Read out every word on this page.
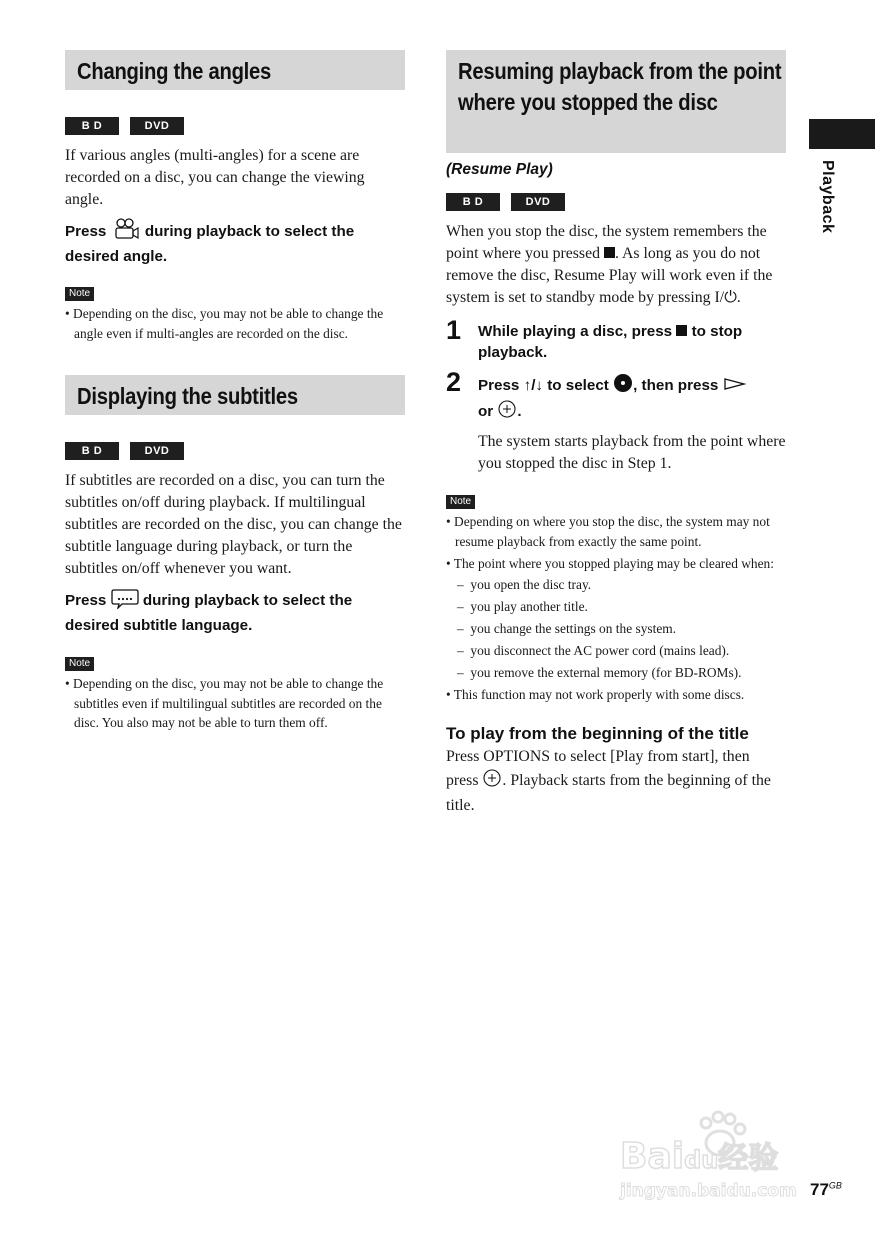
Changing the angles
B D	DVD

If various angles (multi-angles) for a scene are recorded on a disc, you can change the viewing angle.

Press	during playback to select the desired angle.

Note

• Depending on the disc, you may not be able to change the angle even if multi-angles are recorded on the disc.

Displaying the subtitles
B D	DVD

If subtitles are recorded on a disc, you can turn the subtitles on/off during playback. If multilingual subtitles are recorded on the disc, you can change the subtitle language during playback, or turn the subtitles on/off whenever you want.

Press during playback to select the desired subtitle language.

Note

• Depending on the disc, you may not be able to change the subtitles even if multilingual subtitles are recorded on the disc. You also may not be able to turn them off.

Resuming playback from the point where you stopped the disc

(Resume Play)

B D	DVD

When you stop the disc, the system remembers the point where you pressed . As long as you do not remove the disc, Resume Play will work even if the system is set to standby mode by pressing I/⏻.

1 While playing a disc, press to stop playback.

2 Press ↑/↓ to select , then press
or .

The system starts playback from the point where you stopped the disc in Step 1.

Note

• Depending on where you stop the disc, the system may not resume playback from exactly the same point.

• The point where you stopped playing may be cleared when:

–  you open the disc tray.

–  you play another title.

–  you change the settings on the system.

–  you disconnect the AC power cord (mains lead).

–  you remove the external memory (for BD-ROMs).

• This function may not work properly with some discs.

To play from the beginning of the title

Press OPTIONS to select [Play from start], then press . Playback starts from the beginning of the title.

Playback
Baidu经验
jingyan.baidu.com $77^{GB}$
